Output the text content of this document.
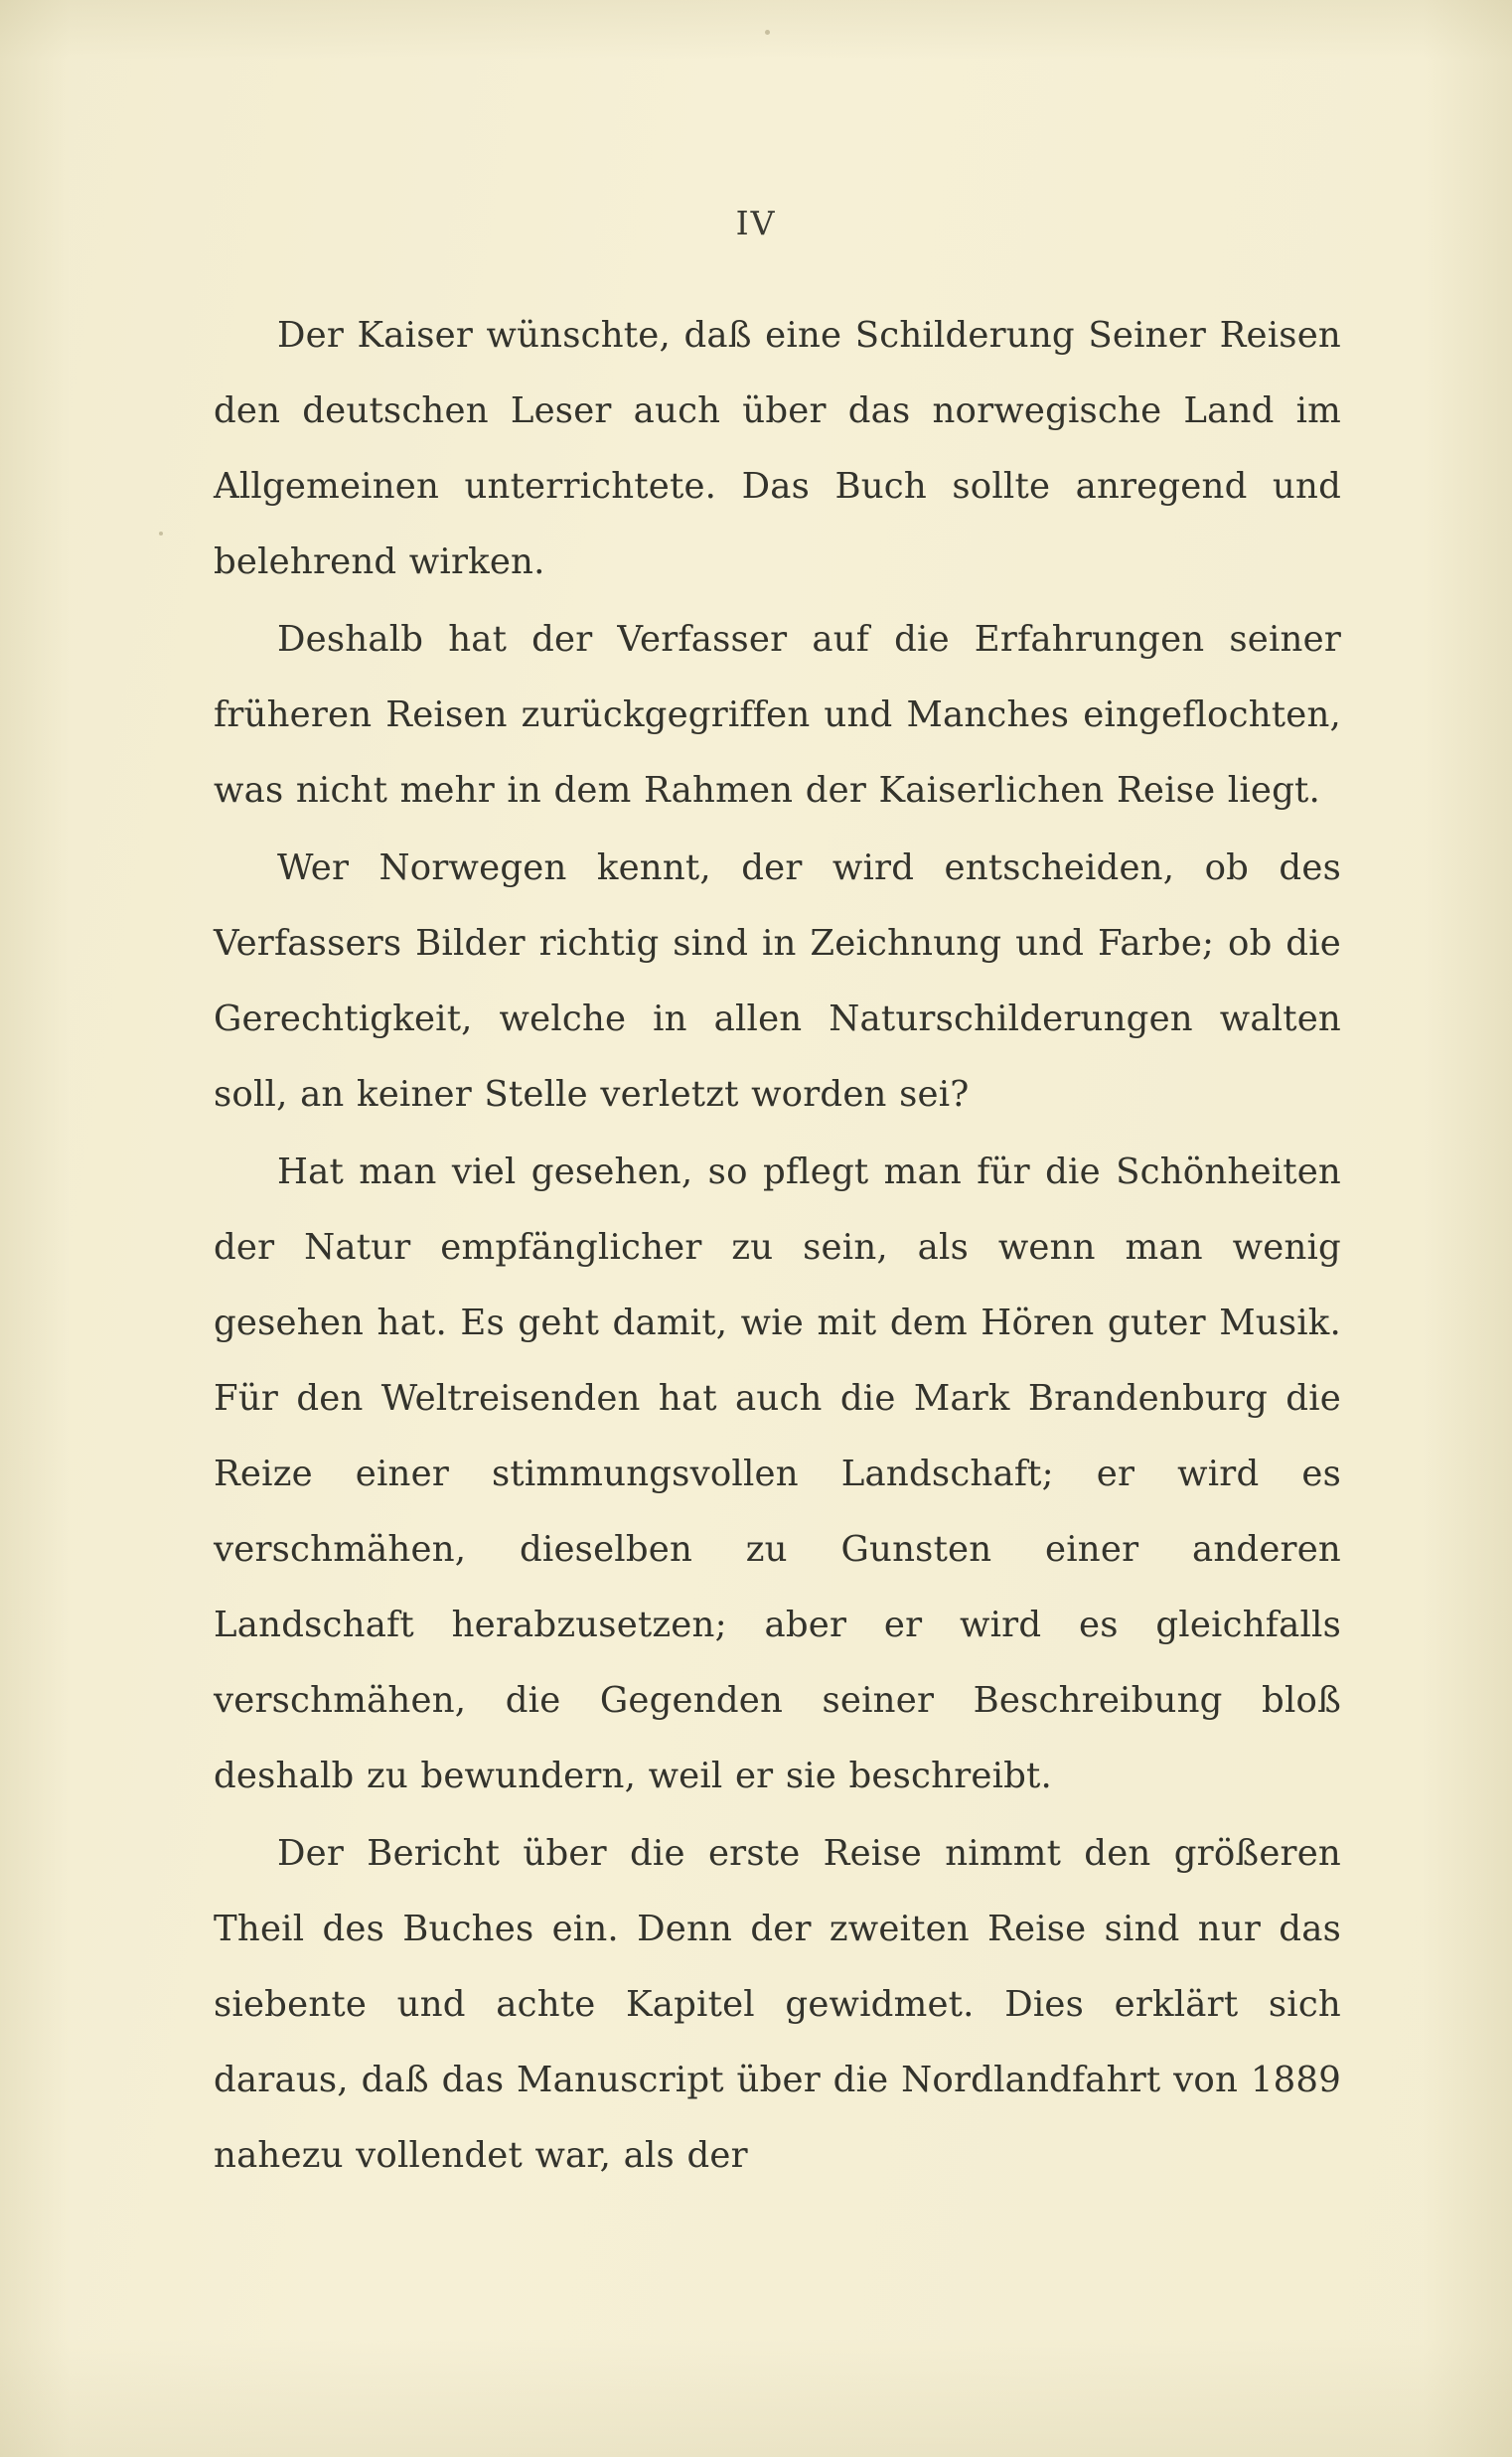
IV

Der Kaiser wünschte, daß eine Schilderung Seiner Reisen den deutschen Leser auch über das norwegische Land im Allgemeinen unterrichtete. Das Buch sollte anregend und belehrend wirken.

Deshalb hat der Verfasser auf die Erfahrungen seiner früheren Reisen zurückgegriffen und Manches eingeflochten, was nicht mehr in dem Rahmen der Kaiserlichen Reise liegt.

Wer Norwegen kennt, der wird entscheiden, ob des Verfassers Bilder richtig sind in Zeichnung und Farbe; ob die Gerechtigkeit, welche in allen Naturschilderungen walten soll, an keiner Stelle verletzt worden sei?

Hat man viel gesehen, so pflegt man für die Schönheiten der Natur empfänglicher zu sein, als wenn man wenig gesehen hat. Es geht damit, wie mit dem Hören guter Musik. Für den Weltreisenden hat auch die Mark Brandenburg die Reize einer stimmungsvollen Landschaft; er wird es verschmähen, dieselben zu Gunsten einer anderen Landschaft herabzusetzen; aber er wird es gleichfalls verschmähen, die Gegenden seiner Beschreibung bloß deshalb zu bewundern, weil er sie beschreibt.

Der Bericht über die erste Reise nimmt den größeren Theil des Buches ein. Denn der zweiten Reise sind nur das siebente und achte Kapitel gewidmet. Dies erklärt sich daraus, daß das Manuscript über die Nordlandfahrt von 1889 nahezu vollendet war, als der
